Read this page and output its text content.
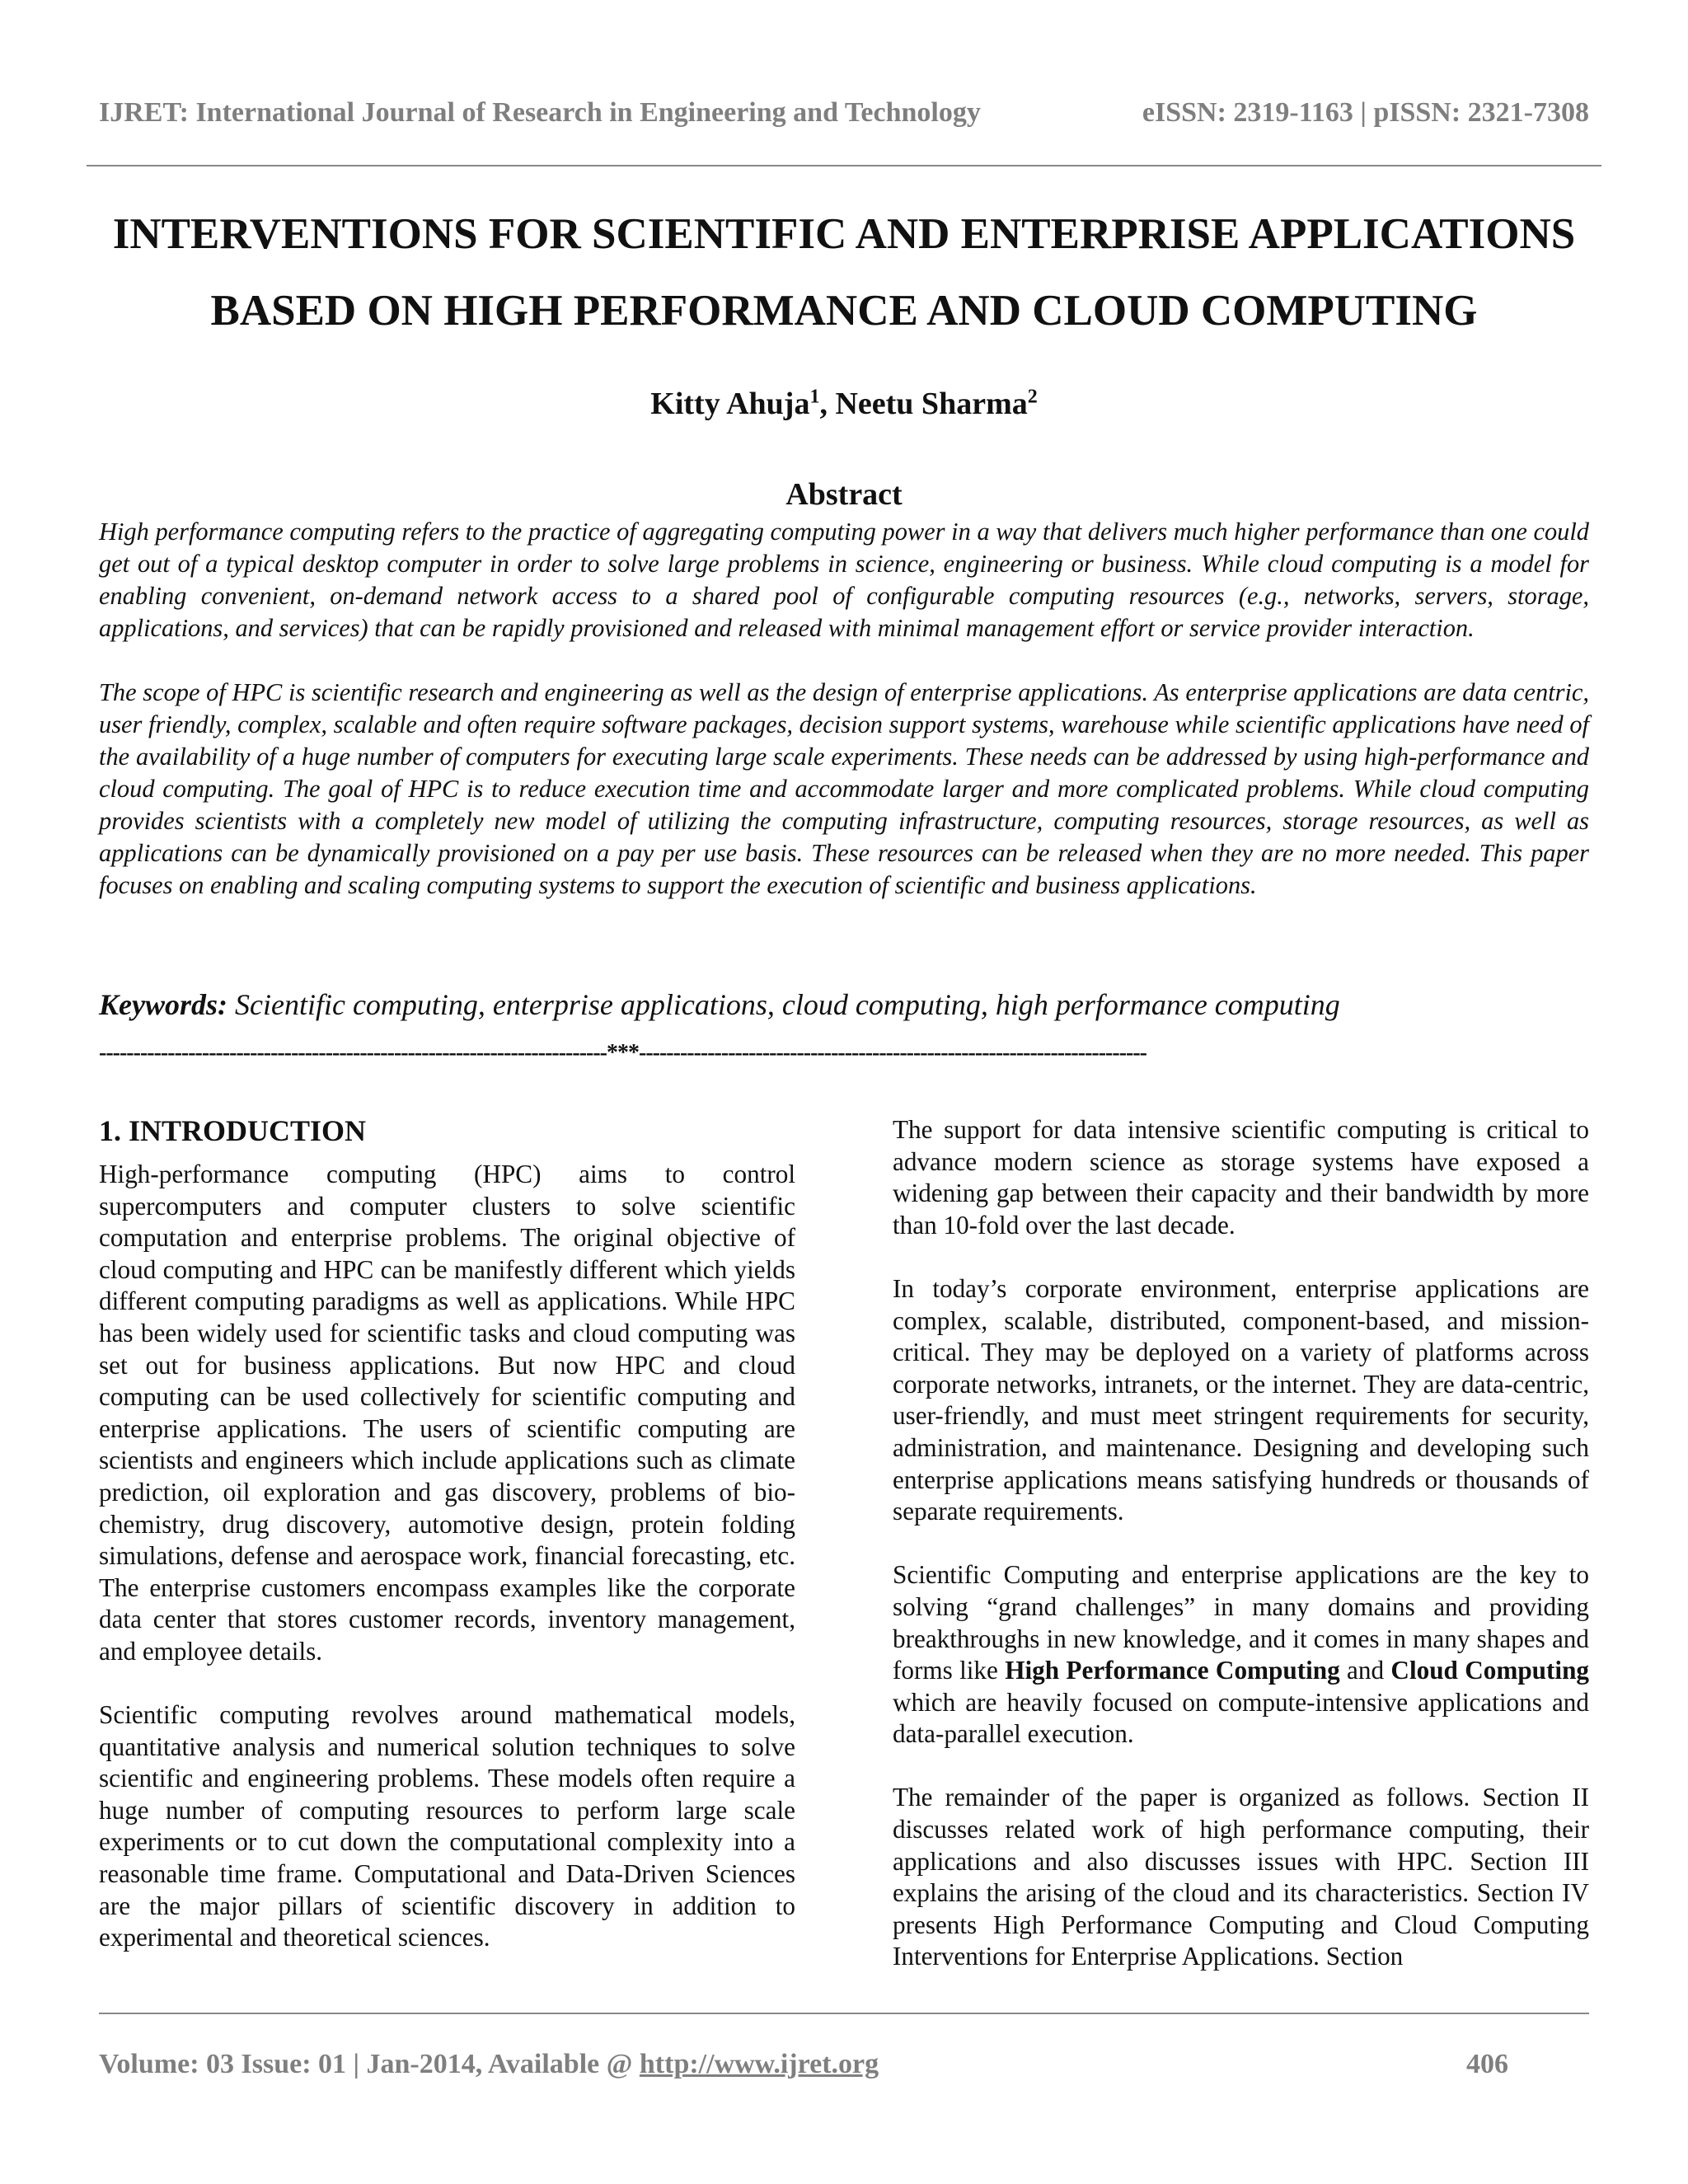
IJRET: International Journal of Research in Engineering and Technology	eISSN: 2319-1163 | pISSN: 2321-7308
INTERVENTIONS FOR SCIENTIFIC AND ENTERPRISE APPLICATIONS
BASED ON HIGH PERFORMANCE AND CLOUD COMPUTING
Kitty Ahuja$^1$, Neetu Sharma$^2$
Abstract

High performance computing refers to the practice of aggregating computing power in a way that delivers much higher performance than one could get out of a typical desktop computer in order to solve large problems in science, engineering or business. While cloud computing is a model for enabling convenient, on-demand network access to a shared pool of configurable computing resources (e.g., networks, servers, storage, applications, and services) that can be rapidly provisioned and released with minimal management effort or service provider interaction.

The scope of HPC is scientific research and engineering as well as the design of enterprise applications. As enterprise applications are data centric, user friendly, complex, scalable and often require software packages, decision support systems, warehouse while scientific applications have need of the availability of a huge number of computers for executing large scale experiments. These needs can be addressed by using high-performance and cloud computing. The goal of HPC is to reduce execution time and accommodate larger and more complicated problems. While cloud computing provides scientists with a completely new model of utilizing the computing infrastructure, computing resources, storage resources, as well as applications can be dynamically provisioned on a pay per use basis. These resources can be released when they are no more needed. This paper focuses on enabling and scaling computing systems to support the execution of scientific and business applications.

Keywords: Scientific computing, enterprise applications, cloud computing, high performance computing
--------------------------------------------------------------------------***--------------------------------------------------------------------------
1. INTRODUCTION

High-performance computing (HPC) aims to control supercomputers and computer clusters to solve scientific computation and enterprise problems. The original objective of cloud computing and HPC can be manifestly different which yields different computing paradigms as well as applications. While HPC has been widely used for scientific tasks and cloud computing was set out for business applications. But now HPC and cloud computing can be used collectively for scientific computing and enterprise applications. The users of scientific computing are scientists and engineers which include applications such as climate prediction, oil exploration and gas discovery, problems of bio-chemistry, drug discovery, automotive design, protein folding simulations, defense and aerospace work, financial forecasting, etc. The enterprise customers encompass examples like the corporate data center that stores customer records, inventory management, and employee details.

Scientific computing revolves around mathematical models, quantitative analysis and numerical solution techniques to solve scientific and engineering problems. These models often require a huge number of computing resources to perform large scale experiments or to cut down the computational complexity into a reasonable time frame. Computational and Data-Driven Sciences are the major pillars of scientific discovery in addition to experimental and theoretical sciences.

The support for data intensive scientific computing is critical to advance modern science as storage systems have exposed a widening gap between their capacity and their bandwidth by more than 10-fold over the last decade.

In today’s corporate environment, enterprise applications are complex, scalable, distributed, component-based, and mission-critical. They may be deployed on a variety of platforms across corporate networks, intranets, or the internet. They are data-centric, user-friendly, and must meet stringent requirements for security, administration, and maintenance. Designing and developing such enterprise applications means satisfying hundreds or thousands of separate requirements.

Scientific Computing and enterprise applications are the key to solving “grand challenges” in many domains and providing breakthroughs in new knowledge, and it comes in many shapes and forms like High Performance Computing and Cloud Computing which are heavily focused on compute-intensive applications and data-parallel execution.

The remainder of the paper is organized as follows. Section II discusses related work of high performance computing, their applications and also discusses issues with HPC. Section III explains the arising of the cloud and its characteristics. Section IV presents High Performance Computing and Cloud Computing Interventions for Enterprise Applications. Section

Volume: 03 Issue: 01 | Jan-2014, Available @ http://www.ijret.org	406
